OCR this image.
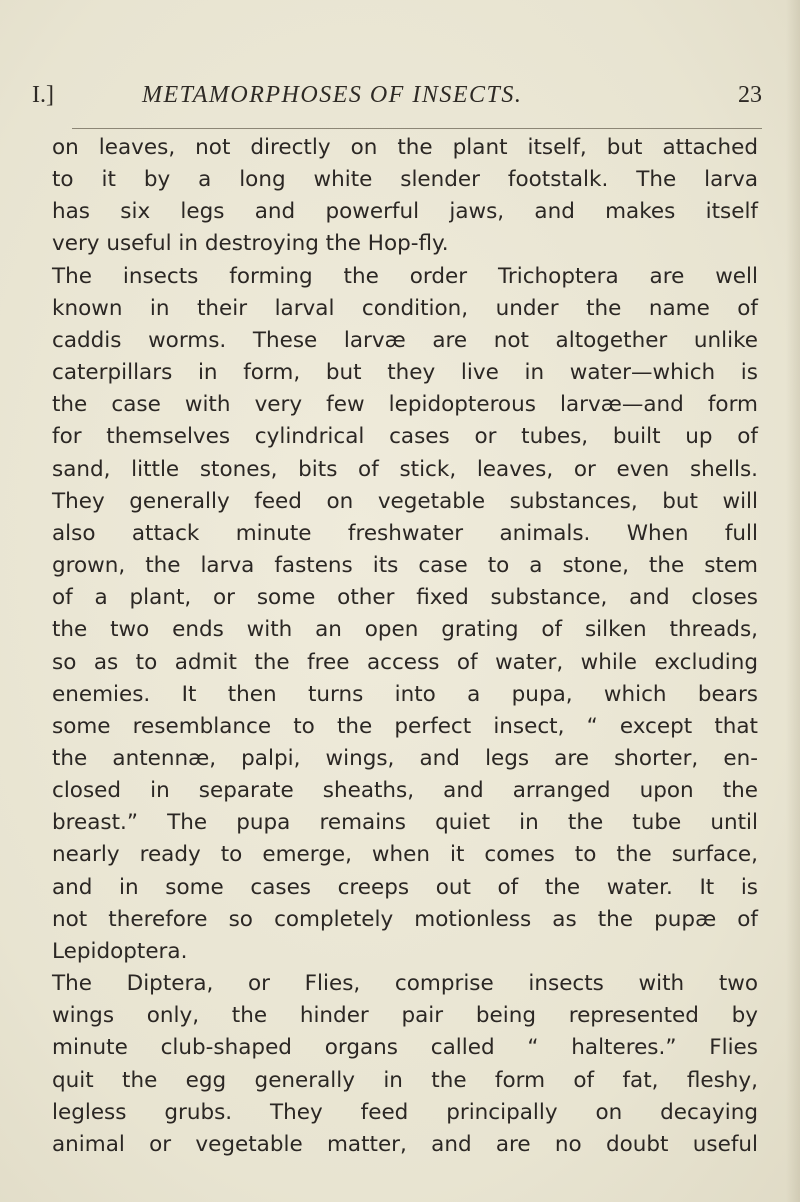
I.]	METAMORPHOSES OF INSECTS.	23
on leaves, not directly on the plant itself, but attached
to it by a long white slender footstalk. The larva
has six legs and powerful jaws, and makes itself
very useful in destroying the Hop-fly.
The insects forming the order Trichoptera are well
known in their larval condition, under the name of
caddis worms. These larvæ are not altogether unlike
caterpillars in form, but they live in water—which is
the case with very few lepidopterous larvæ—and form
for themselves cylindrical cases or tubes, built up of
sand, little stones, bits of stick, leaves, or even shells.
They generally feed on vegetable substances, but will
also attack minute freshwater animals. When full
grown, the larva fastens its case to a stone, the stem
of a plant, or some other fixed substance, and closes
the two ends with an open grating of silken threads,
so as to admit the free access of water, while excluding
enemies. It then turns into a pupa, which bears
some resemblance to the perfect insect, “ except that
the antennæ, palpi, wings, and legs are shorter, en-
closed in separate sheaths, and arranged upon the
breast.” The pupa remains quiet in the tube until
nearly ready to emerge, when it comes to the surface,
and in some cases creeps out of the water. It is
not therefore so completely motionless as the pupæ of
Lepidoptera.
The Diptera, or Flies, comprise insects with two
wings only, the hinder pair being represented by
minute club-shaped organs called “ halteres.” Flies
quit the egg generally in the form of fat, fleshy,
legless grubs. They feed principally on decaying
animal or vegetable matter, and are no doubt useful
